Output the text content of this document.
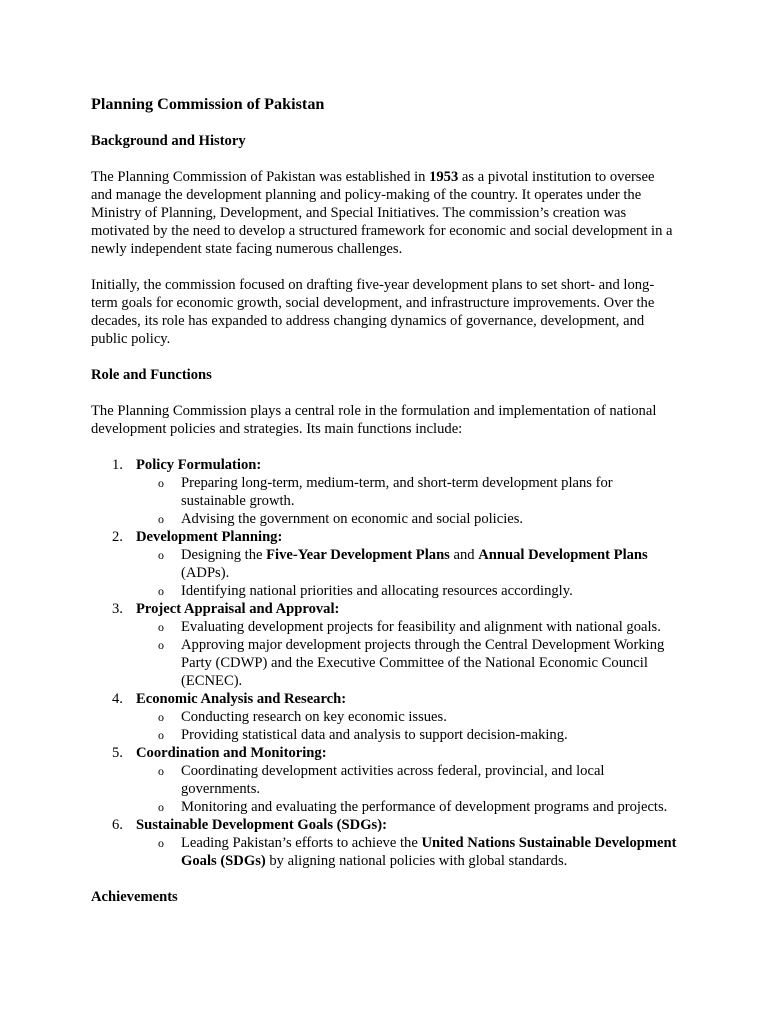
Planning Commission of Pakistan
Background and History

The Planning Commission of Pakistan was established in 1953 as a pivotal institution to oversee and manage the development planning and policy-making of the country. It operates under the Ministry of Planning, Development, and Special Initiatives. The commission’s creation was motivated by the need to develop a structured framework for economic and social development in a newly independent state facing numerous challenges.

Initially, the commission focused on drafting five-year development plans to set short- and long-term goals for economic growth, social development, and infrastructure improvements. Over the decades, its role has expanded to address changing dynamics of governance, development, and public policy.

Role and Functions

The Planning Commission plays a central role in the formulation and implementation of national development policies and strategies. Its main functions include:

1. Policy Formulation:
o Preparing long-term, medium-term, and short-term development plans for sustainable growth.
o Advising the government on economic and social policies.
2. Development Planning:
o Designing the Five-Year Development Plans and Annual Development Plans (ADPs).
o Identifying national priorities and allocating resources accordingly.
3. Project Appraisal and Approval:
o Evaluating development projects for feasibility and alignment with national goals.
o Approving major development projects through the Central Development Working Party (CDWP) and the Executive Committee of the National Economic Council (ECNEC).
4. Economic Analysis and Research:
o Conducting research on key economic issues.
o Providing statistical data and analysis to support decision-making.
5. Coordination and Monitoring:
o Coordinating development activities across federal, provincial, and local governments.
o Monitoring and evaluating the performance of development programs and projects.
6. Sustainable Development Goals (SDGs):
o Leading Pakistan’s efforts to achieve the United Nations Sustainable Development Goals (SDGs) by aligning national policies with global standards.
Achievements
